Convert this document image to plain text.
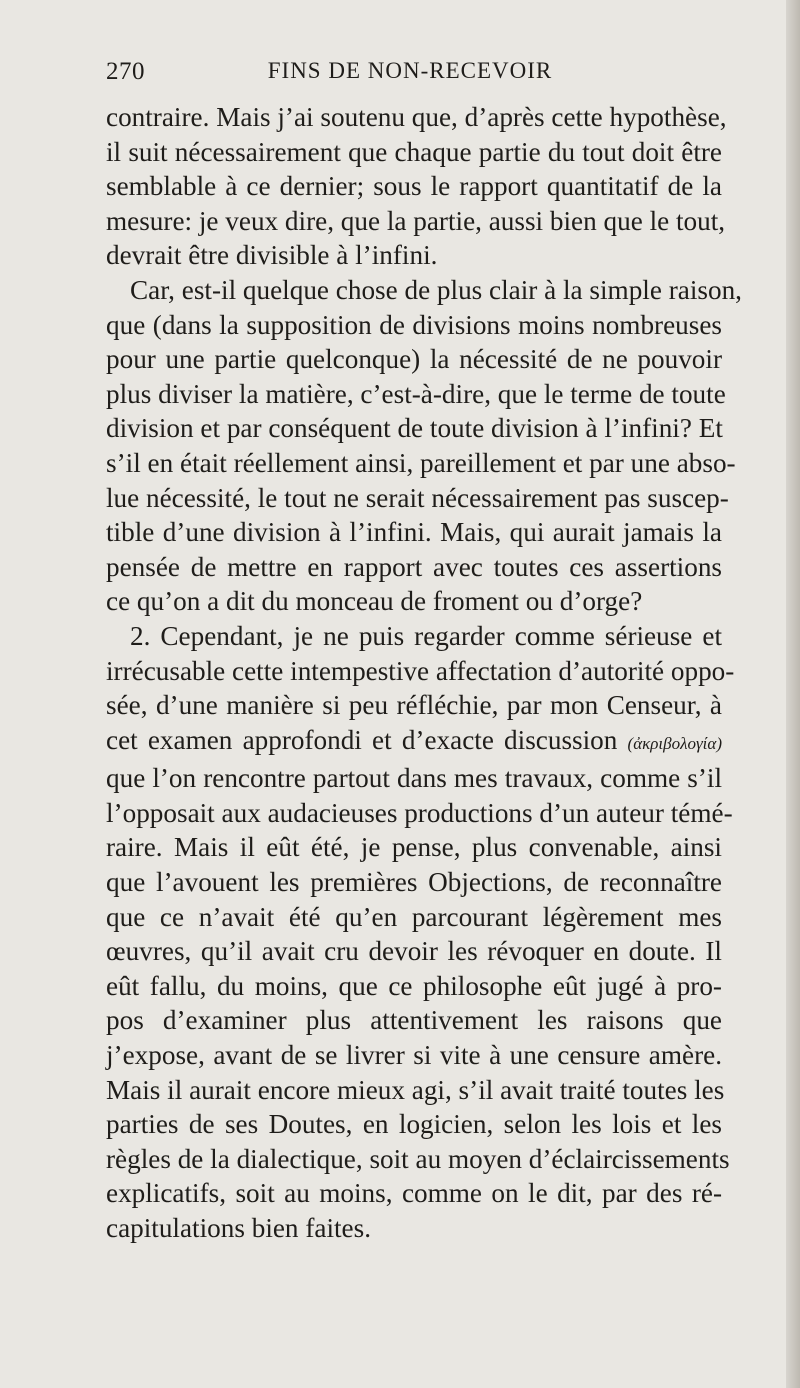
270	FINS DE NON-RECEVOIR
contraire. Mais j’ai soutenu que, d’après cette hypothèse,
il suit nécessairement que chaque partie du tout doit être
semblable à ce dernier; sous le rapport quantitatif de la
mesure: je veux dire, que la partie, aussi bien que le tout,
devrait être divisible à l’infini.
Car, est-il quelque chose de plus clair à la simple raison,
que (dans la supposition de divisions moins nombreuses
pour une partie quelconque) la nécessité de ne pouvoir
plus diviser la matière, c’est-à-dire, que le terme de toute
division et par conséquent de toute division à l’infini? Et
s’il en était réellement ainsi, pareillement et par une abso-
lue nécessité, le tout ne serait nécessairement pas suscep-
tible d’une division à l’infini. Mais, qui aurait jamais la
pensée de mettre en rapport avec toutes ces assertions
ce qu’on a dit du monceau de froment ou d’orge?
2. Cependant, je ne puis regarder comme sérieuse et
irrécusable cette intempestive affectation d’autorité oppo-
sée, d’une manière si peu réfléchie, par mon Censeur, à
cet examen approfondi et d’exacte discussion (ἀκριβολογία)
que l’on rencontre partout dans mes travaux, comme s’il
l’opposait aux audacieuses productions d’un auteur témé-
raire. Mais il eût été, je pense, plus convenable, ainsi
que l’avouent les premières Objections, de reconnaître
que ce n’avait été qu’en parcourant légèrement mes
œuvres, qu’il avait cru devoir les révoquer en doute. Il
eût fallu, du moins, que ce philosophe eût jugé à pro-
pos d’examiner plus attentivement les raisons que
j’expose, avant de se livrer si vite à une censure amère.
Mais il aurait encore mieux agi, s’il avait traité toutes les
parties de ses Doutes, en logicien, selon les lois et les
règles de la dialectique, soit au moyen d’éclaircissements
explicatifs, soit au moins, comme on le dit, par des ré-
capitulations bien faites.
